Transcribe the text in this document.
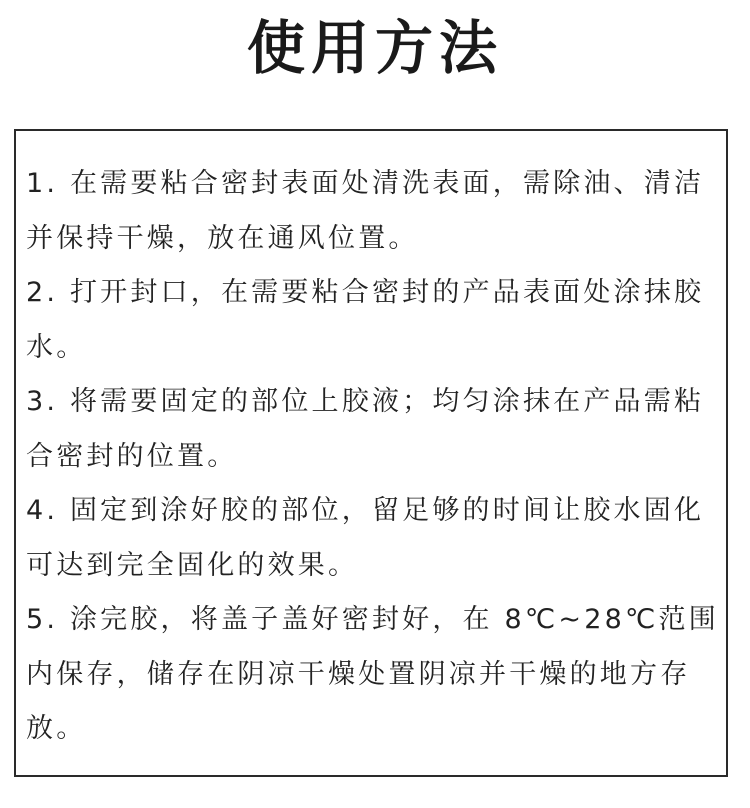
使用方法
1. 在需要粘合密封表面处清洗表面，需除油、清洁并保持干燥，放在通风位置。
2. 打开封口，在需要粘合密封的产品表面处涂抹胶水。
3. 将需要固定的部位上胶液；均匀涂抹在产品需粘合密封的位置。
4. 固定到涂好胶的部位，留足够的时间让胶水固化可达到完全固化的效果。
5. 涂完胶，将盖子盖好密封好，在 8℃~28℃范围内保存，储存在阴凉干燥处置阴凉并干燥的地方存放。
